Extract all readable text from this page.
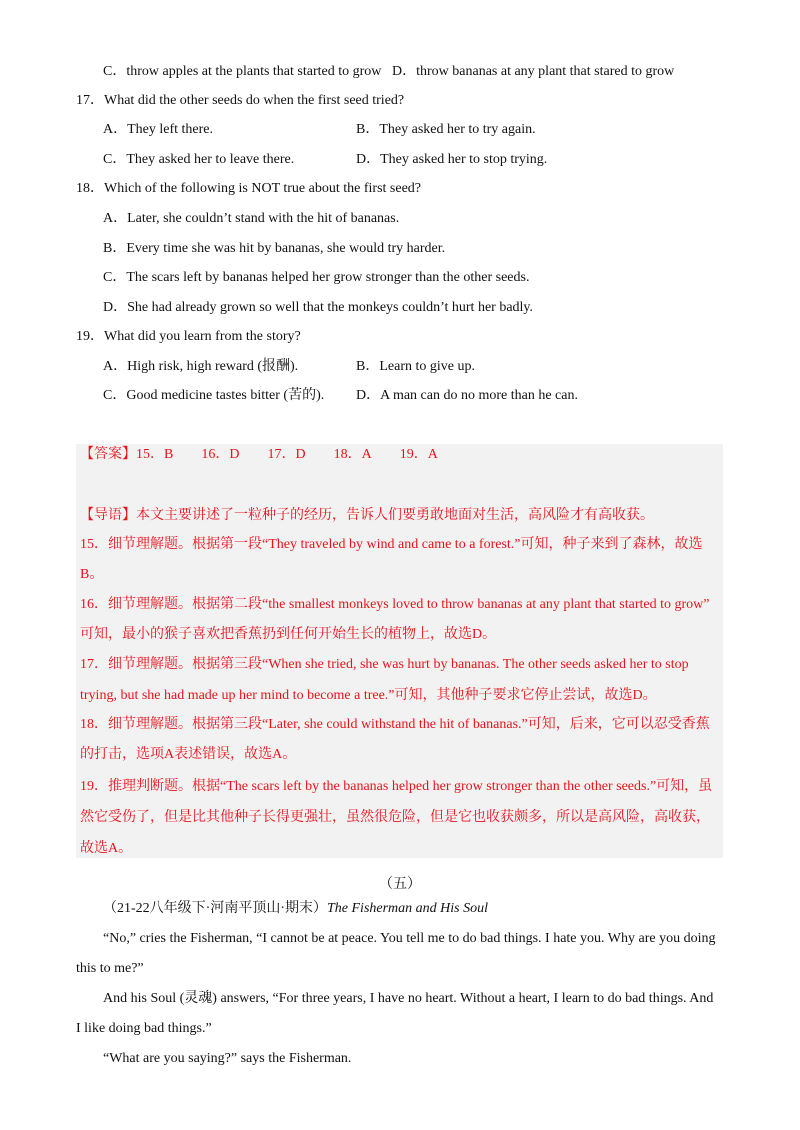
C．throw apples at the plants that started to grow D．throw bananas at any plant that stared to grow
17．What did the other seeds do when the first seed tried?
A．They left there.	B．They asked her to try again.
C．They asked her to leave there.	D．They asked her to stop trying.
18．Which of the following is NOT true about the first seed?
A．Later, she couldn’t stand with the hit of bananas.
B．Every time she was hit by bananas, she would try harder.
C．The scars left by bananas helped her grow stronger than the other seeds.
D．She had already grown so well that the monkeys couldn’t hurt her badly.
19．What did you learn from the story?
A．High risk, high reward (报酬).	B．Learn to give up.
C．Good medicine tastes bitter (苦的). D．A man can do no more than he can.
【答案】15．B 16．D 17．D 18．A 19．A
【导语】本文主要讲述了一粒种子的经历，告诉人们要勇敢地面对生活，高风险才有高收获。
15．细节理解题。根据第一段“They traveled by wind and came to a forest.”可知，种子来到了森林，故选
B。
16．细节理解题。根据第二段“the smallest monkeys loved to throw bananas at any plant that started to grow”
可知，最小的猴子喜欢把香蕉扔到任何开始生长的植物上，故选D。
17．细节理解题。根据第三段“When she tried, she was hurt by bananas. The other seeds asked her to stop
trying, but she had made up her mind to become a tree.”可知，其他种子要求它停止尝试，故选D。
18．细节理解题。根据第三段“Later, she could withstand the hit of bananas.”可知，后来，它可以忍受香蕉
的打击，选项A表述错误，故选A。
19．推理判断题。根据“The scars left by the bananas helped her grow stronger than the other seeds.”可知，虽
然它受伤了，但是比其他种子长得更强壮，虽然很危险，但是它也收获颇多，所以是高风险，高收获，
故选A。
（五）
（21-22八年级下·河南平顶山·期末）The Fisherman and His Soul
“No,” cries the Fisherman, “I cannot be at peace. You tell me to do bad things. I hate you. Why are you doing
this to me?”
And his Soul (灵魂) answers, “For three years, I have no heart. Without a heart, I learn to do bad things. And
I like doing bad things.”
“What are you saying?” says the Fisherman.
